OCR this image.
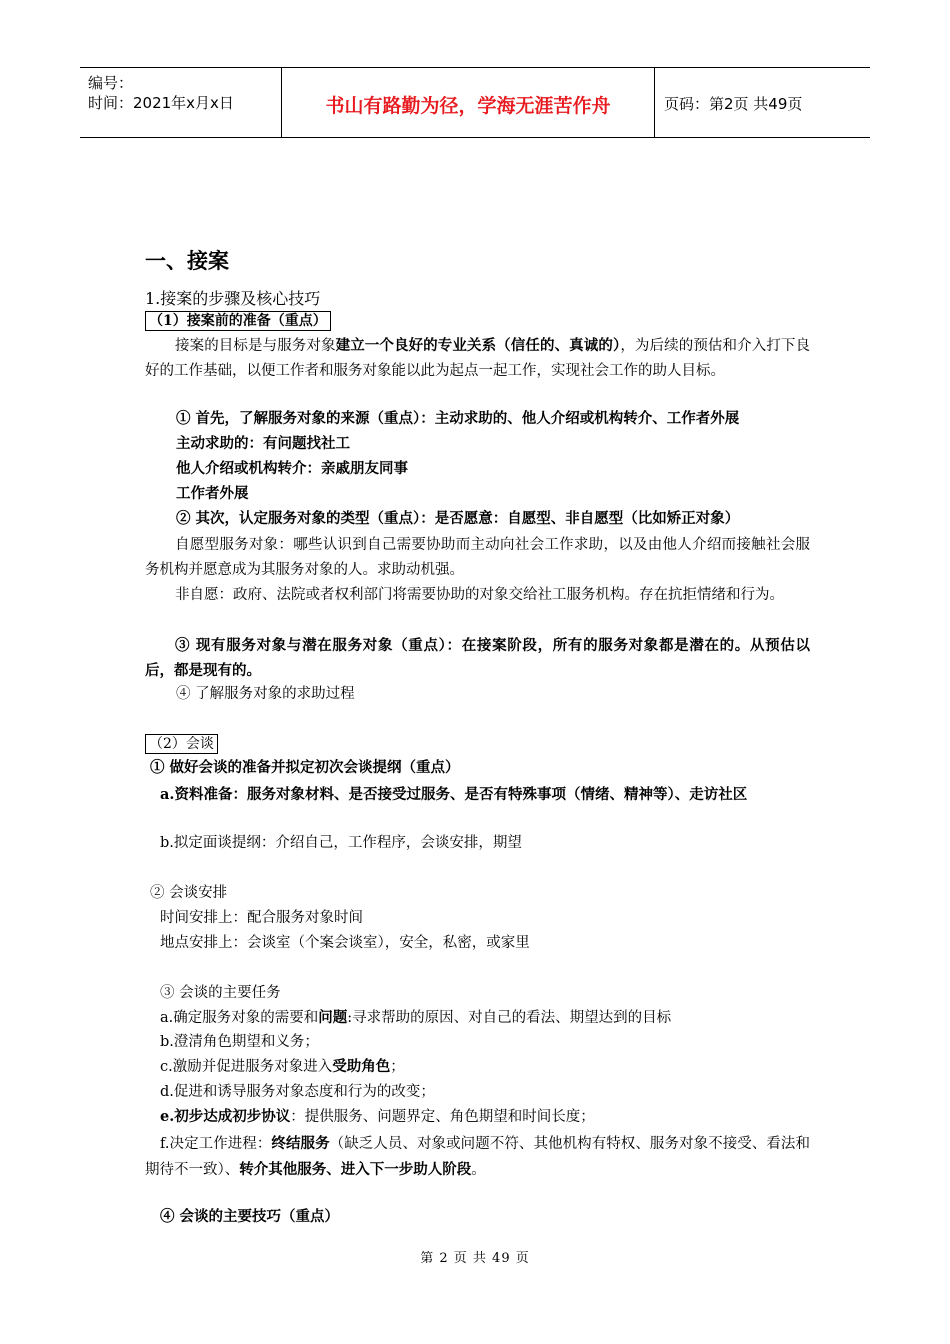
编号：
时间：2021年x月x日	书山有路勤为径，学海无涯苦作舟	页码：第2页 共49页
一、接案
1.接案的步骤及核心技巧
（1）接案前的准备（重点）
接案的目标是与服务对象建立一个良好的专业关系（信任的、真诚的），为后续的预估和介入打下良好的工作基础，以便工作者和服务对象能以此为起点一起工作，实现社会工作的助人目标。
① 首先，了解服务对象的来源（重点）：主动求助的、他人介绍或机构转介、工作者外展
主动求助的：有问题找社工
他人介绍或机构转介：亲戚朋友同事
工作者外展
② 其次，认定服务对象的类型（重点）：是否愿意：自愿型、非自愿型（比如矫正对象）
自愿型服务对象：哪些认识到自己需要协助而主动向社会工作求助，以及由他人介绍而接触社会服务机构并愿意成为其服务对象的人。求助动机强。
非自愿：政府、法院或者权利部门将需要协助的对象交给社工服务机构。存在抗拒情绪和行为。
③ 现有服务对象与潜在服务对象（重点）：在接案阶段，所有的服务对象都是潜在的。从预估以后，都是现有的。
④ 了解服务对象的求助过程
（2）会谈
① 做好会谈的准备并拟定初次会谈提纲（重点）
a.资料准备：服务对象材料、是否接受过服务、是否有特殊事项（情绪、精神等）、走访社区
b.拟定面谈提纲：介绍自己，工作程序，会谈安排，期望
② 会谈安排
时间安排上：配合服务对象时间
地点安排上：会谈室（个案会谈室），安全，私密，或家里
③ 会谈的主要任务
a.确定服务对象的需要和问题:寻求帮助的原因、对自己的看法、期望达到的目标
b.澄清角色期望和义务；
c.激励并促进服务对象进入受助角色；
d.促进和诱导服务对象态度和行为的改变；
e.初步达成初步协议：提供服务、问题界定、角色期望和时间长度；
f.决定工作进程：终结服务（缺乏人员、对象或问题不符、其他机构有特权、服务对象不接受、看法和期待不一致）、转介其他服务、进入下一步助人阶段。
④ 会谈的主要技巧（重点）
第 2 页 共 49 页
